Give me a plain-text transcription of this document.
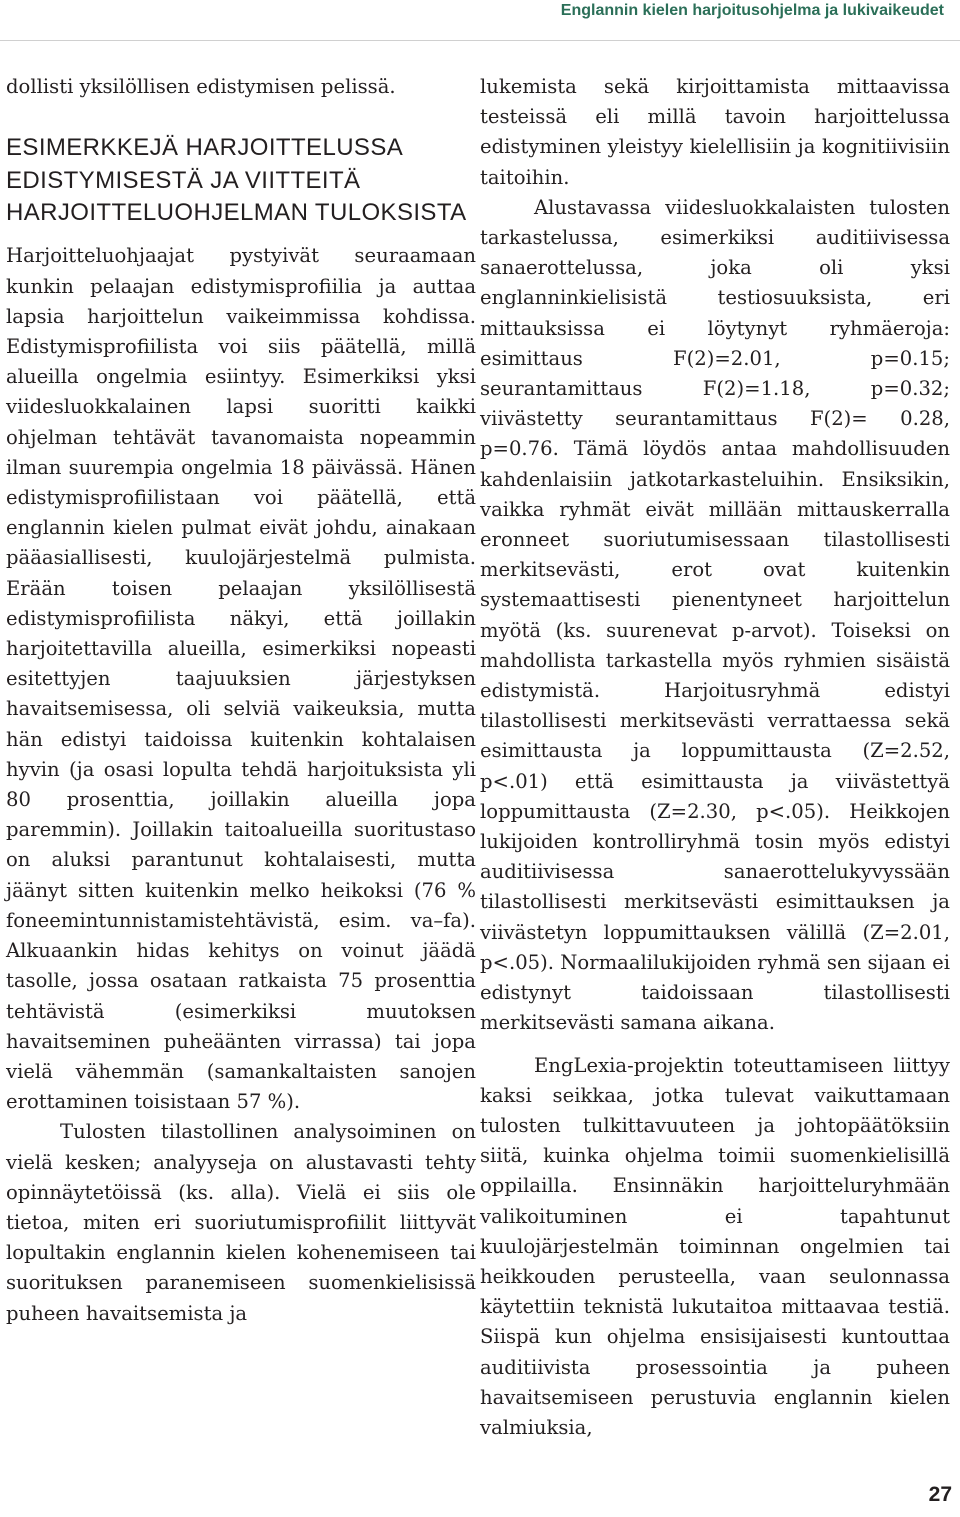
Englannin kielen harjoitusohjelma ja lukivaikeudet

dollisti yksilöllisen edistymisen pelissä.

ESIMERKKEJÄ HARJOITTELUSSA EDISTYMISESTÄ JA VIITTEITÄ HARJOITTELUOHJELMAN TULOKSISTA

Harjoitteluohjaajat pystyivät seuraamaan kunkin pelaajan edistymisprofiilia ja auttaa lapsia harjoittelun vaikeimmissa kohdissa. Edistymisprofiilista voi siis päätellä, millä alueilla ongelmia esiintyy. Esimerkiksi yksi viidesluokkalainen lapsi suoritti kaikki ohjelman tehtävät tavanomaista nopeammin ilman suurempia ongelmia 18 päivässä. Hänen edistymisprofiilistaan voi päätellä, että englannin kielen pulmat eivät johdu, ainakaan pääasiallisesti, kuulojärjestelmä pulmista. Erään toisen pelaajan yksilöllisestä edistymisprofiilista näkyi, että joillakin harjoitettavilla alueilla, esimerkiksi nopeasti esitettyjen taajuuksien järjestyksen havaitsemisessa, oli selviä vaikeuksia, mutta hän edistyi taidoissa kuitenkin kohtalaisen hyvin (ja osasi lopulta tehdä harjoituksista yli 80 prosenttia, joillakin alueilla jopa paremmin). Joillakin taitoalueilla suoritustaso on aluksi parantunut kohtalaisesti, mutta jäänyt sitten kuitenkin melko heikoksi (76 % foneemintunnistamistehtävistä, esim. va–fa). Alkuaankin hidas kehitys on voinut jäädä tasolle, jossa osataan ratkaista 75 prosenttia tehtävistä (esimerkiksi muutoksen havaitseminen puheäänten virrassa) tai jopa vielä vähemmän (samankaltaisten sanojen erottaminen toisistaan 57 %).

Tulosten tilastollinen analysoiminen on vielä kesken; analyyseja on alustavasti tehty opinnäytetöissä (ks. alla). Vielä ei siis ole tietoa, miten eri suoriutumisprofiilit liittyvät lopultakin englannin kielen kohenemiseen tai suorituksen paranemiseen suomenkielisissä puheen havaitsemista ja

lukemista sekä kirjoittamista mittaavissa testeissä eli millä tavoin harjoittelussa edistyminen yleistyy kielellisiin ja kognitiivisiin taitoihin.

Alustavassa viidesluokkalaisten tulosten tarkastelussa, esimerkiksi auditiivisessa sanaerottelussa, joka oli yksi englanninkielisistä testiosuuksista, eri mittauksissa ei löytynyt ryhmäeroja: esimittaus F(2)=2.01, p=0.15; seurantamittaus F(2)=1.18, p=0.32; viivästetty seurantamittaus F(2)= 0.28, p=0.76. Tämä löydös antaa mahdollisuuden kahdenlaisiin jatkotarkasteluihin. Ensiksikin, vaikka ryhmät eivät millään mittauskerralla eronneet suoriutumisessaan tilastollisesti merkitsevästi, erot ovat kuitenkin systemaattisesti pienentyneet harjoittelun myötä (ks. suurenevat p-arvot). Toiseksi on mahdollista tarkastella myös ryhmien sisäistä edistymistä. Harjoitusryhmä edistyi tilastollisesti merkitsevästi verrattaessa sekä esimittausta ja loppumittausta (Z=2.52, p<.01) että esimittausta ja viivästettyä loppumittausta (Z=2.30, p<.05). Heikkojen lukijoiden kontrolliryhmä tosin myös edistyi auditiivisessa sanaerottelukyvyssään tilastollisesti merkitsevästi esimittauksen ja viivästetyn loppumittauksen välillä (Z=2.01, p<.05). Normaalilukijoiden ryhmä sen sijaan ei edistynyt taidoissaan tilastollisesti merkitsevästi samana aikana.

EngLexia-projektin toteuttamiseen liittyy kaksi seikkaa, jotka tulevat vaikuttamaan tulosten tulkittavuuteen ja johtopäätöksiin siitä, kuinka ohjelma toimii suomenkielisillä oppilailla. Ensinnäkin harjoitteluryhmään valikoituminen ei tapahtunut kuulojärjestelmän toiminnan ongelmien tai heikkouden perusteella, vaan seulonnassa käytettiin teknistä lukutaitoa mittaavaa testiä. Siispä kun ohjelma ensisijaisesti kuntouttaa auditiivista prosessointia ja puheen havaitsemiseen perustuvia englannin kielen valmiuksia,

27
